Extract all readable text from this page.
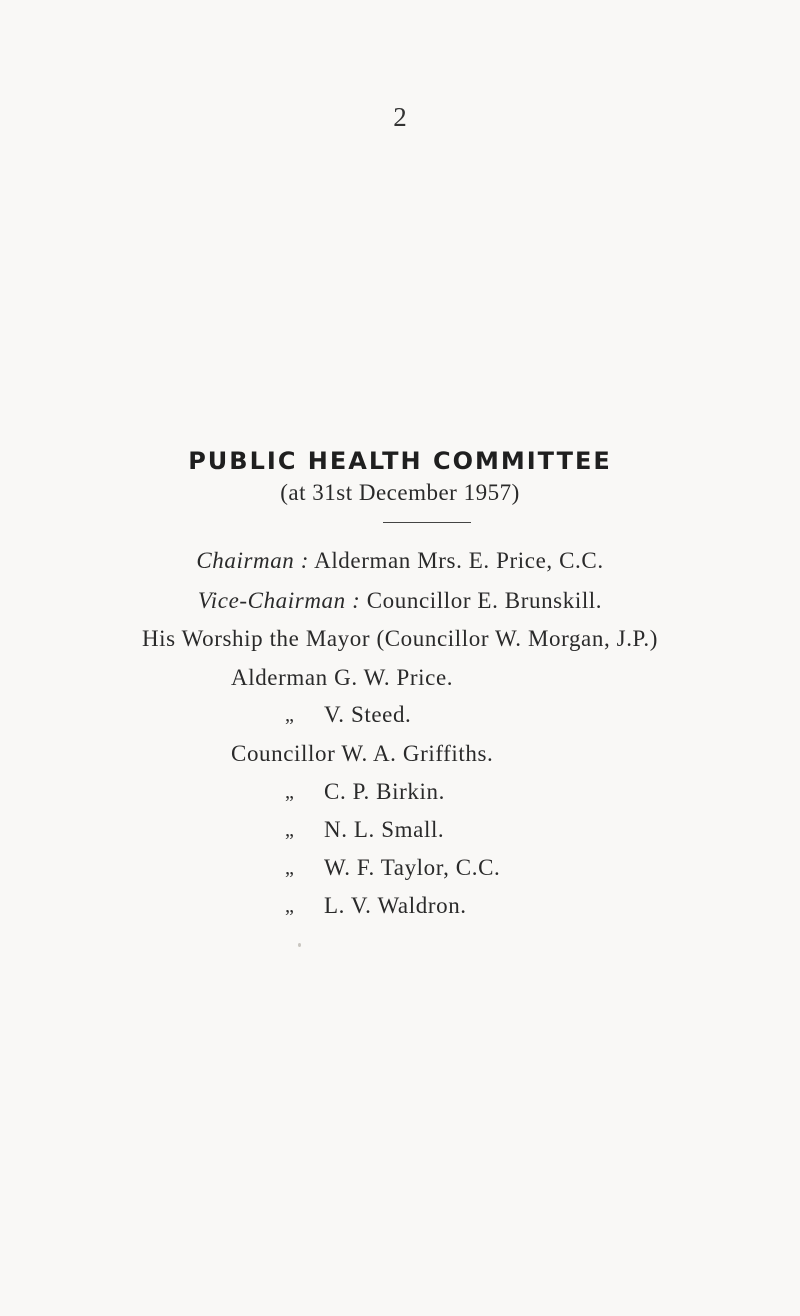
2
PUBLIC HEALTH COMMITTEE
(at 31st December 1957)
Chairman : Alderman Mrs. E. Price, C.C.
Vice-Chairman : Councillor E. Brunskill.
His Worship the Mayor (Councillor W. Morgan, J.P.)
Alderman G. W. Price.
„ V. Steed.
Councillor W. A. Griffiths.
„ C. P. Birkin.
„ N. L. Small.
„ W. F. Taylor, C.C.
„ L. V. Waldron.
